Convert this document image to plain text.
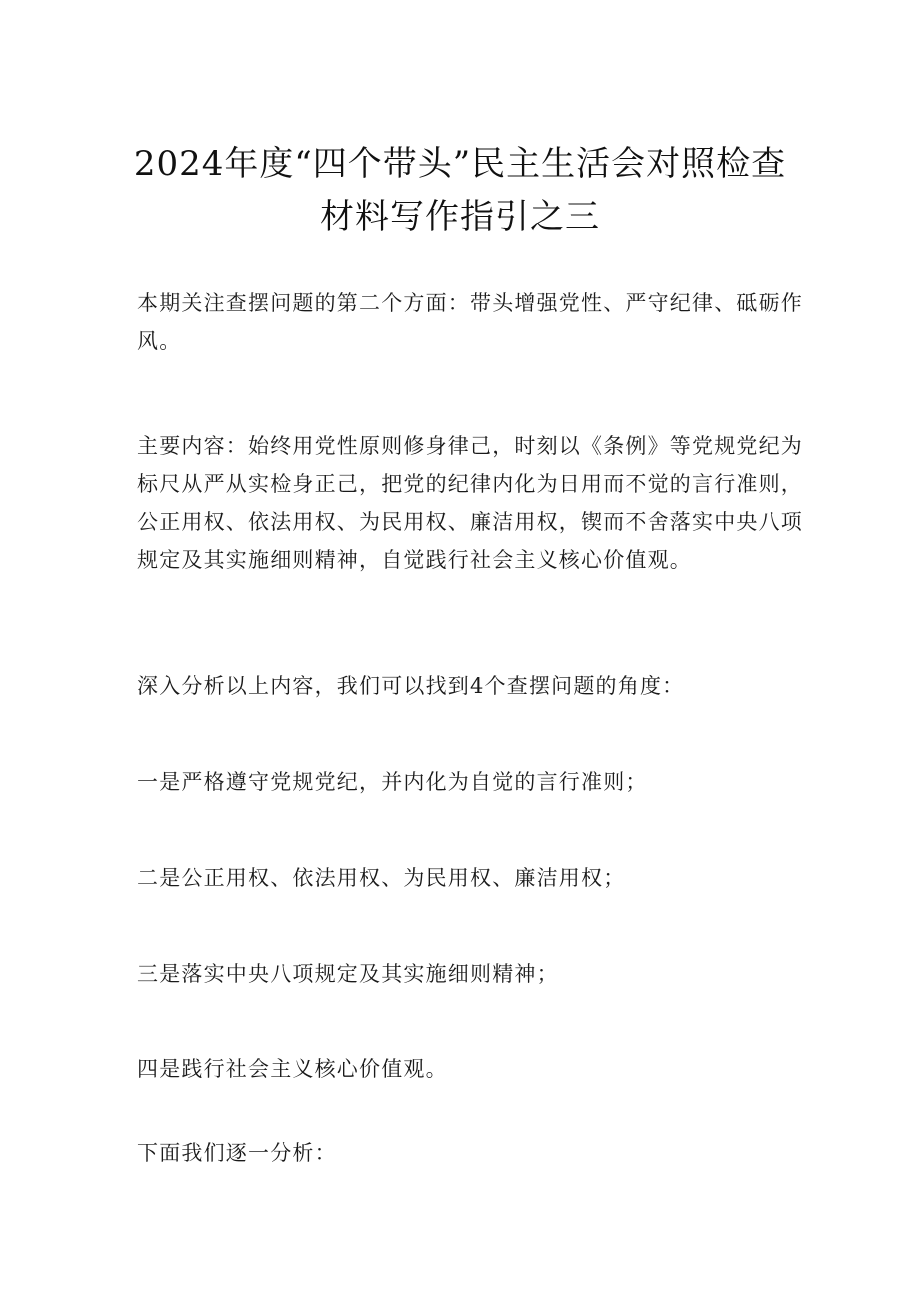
2024年度“四个带头”民主生活会对照检查
材料写作指引之三
本期关注查摆问题的第二个方面：带头增强党性、严守纪律、砥砺作
风。
主要内容：始终用党性原则修身律己，时刻以《条例》等党规党纪为
标尺从严从实检身正己，把党的纪律内化为日用而不觉的言行准则，
公正用权、依法用权、为民用权、廉洁用权，锲而不舍落实中央八项
规定及其实施细则精神，自觉践行社会主义核心价值观。
深入分析以上内容，我们可以找到4个查摆问题的角度：
一是严格遵守党规党纪，并内化为自觉的言行准则；
二是公正用权、依法用权、为民用权、廉洁用权；
三是落实中央八项规定及其实施细则精神；
四是践行社会主义核心价值观。
下面我们逐一分析：
